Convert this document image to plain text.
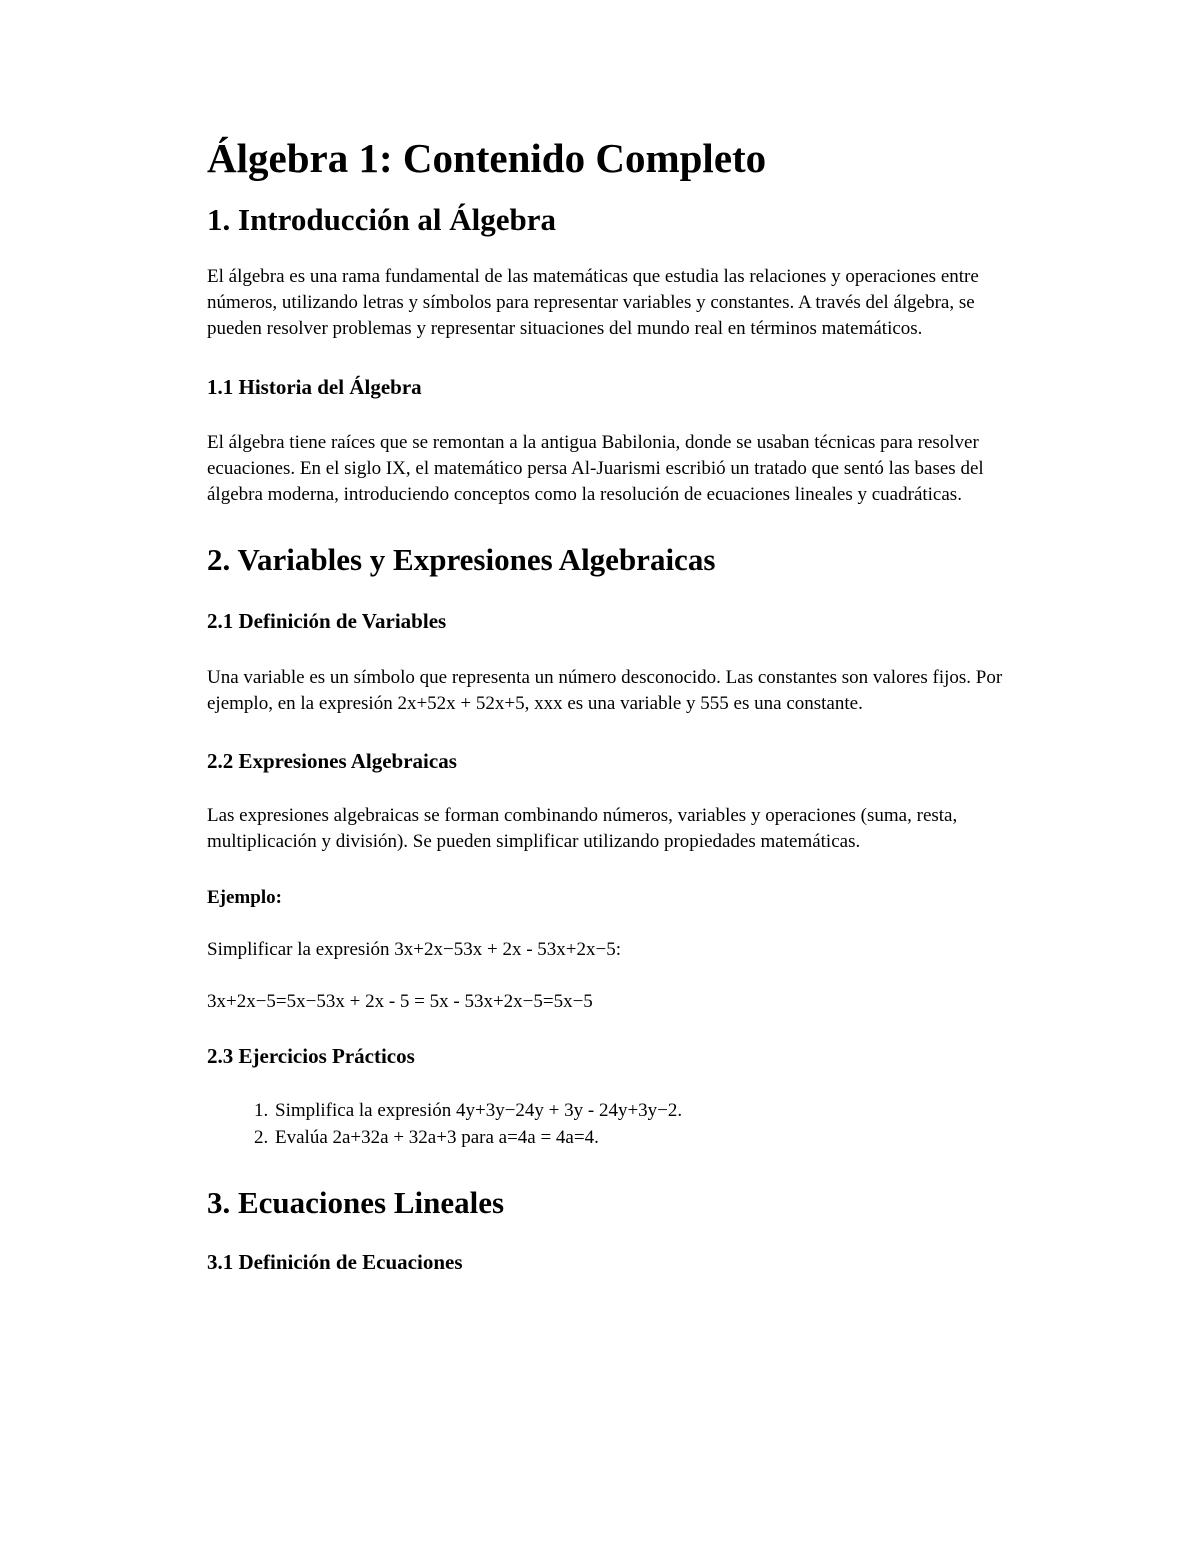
Álgebra 1: Contenido Completo
1. Introducción al Álgebra

El álgebra es una rama fundamental de las matemáticas que estudia las relaciones y operaciones entre números, utilizando letras y símbolos para representar variables y constantes. A través del álgebra, se pueden resolver problemas y representar situaciones del mundo real en términos matemáticos.

1.1 Historia del Álgebra

El álgebra tiene raíces que se remontan a la antigua Babilonia, donde se usaban técnicas para resolver ecuaciones. En el siglo IX, el matemático persa Al-Juarismi escribió un tratado que sentó las bases del álgebra moderna, introduciendo conceptos como la resolución de ecuaciones lineales y cuadráticas.

2. Variables y Expresiones Algebraicas
2.1 Definición de Variables

Una variable es un símbolo que representa un número desconocido. Las constantes son valores fijos. Por ejemplo, en la expresión 2x+52x + 52x+5, xxx es una variable y 555 es una constante.

2.2 Expresiones Algebraicas

Las expresiones algebraicas se forman combinando números, variables y operaciones (suma, resta, multiplicación y división). Se pueden simplificar utilizando propiedades matemáticas.

Ejemplo:

Simplificar la expresión 3x+2x−53x + 2x - 53x+2x−5:

3x+2x−5=5x−53x + 2x - 5 = 5x - 53x+2x−5=5x−5

2.3 Ejercicios Prácticos
1. Simplifica la expresión 4y+3y−24y + 3y - 24y+3y−2.
2. Evalúa 2a+32a + 32a+3 para a=4a = 4a=4.
3. Ecuaciones Lineales
3.1 Definición de Ecuaciones
